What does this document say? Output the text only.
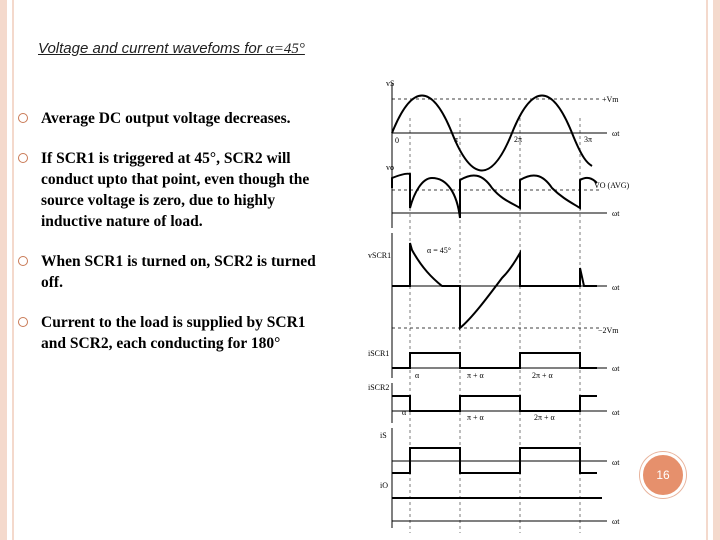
Voltage and current wavefoms for α=45°
Average DC output voltage decreases.
If SCR1 is triggered at 45°, SCR2 will conduct upto that point, even though the source voltage is zero, due to highly inductive nature of load.
When SCR1 is turned on, SCR2 is turned off.
Current to the load is supplied by SCR1 and SCR2, each conducting for 180°
vS
+Vm
0	π	2π	3π
ωt
vo
VO (AVG)
ωt
vSCR1
α = 45°
−2Vm
ωt
iSCR1
α	π + α	2π + α
ωt
iSCR2
α
π + α	2π + α
ωt
iS
ωt
iO
ωt
16
